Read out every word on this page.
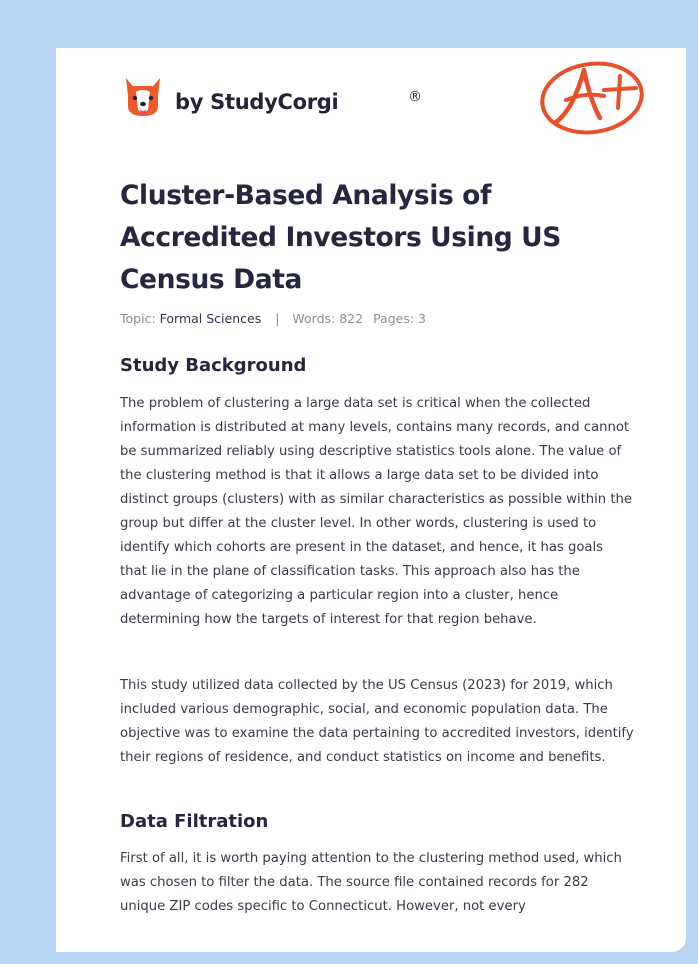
by StudyCorgi	®
Cluster-Based Analysis of Accredited Investors Using US Census Data
Topic: Formal Sciences | Words: 822 Pages: 3
Study Background

The problem of clustering a large data set is critical when the collected information is distributed at many levels, contains many records, and cannot be summarized reliably using descriptive statistics tools alone. The value of the clustering method is that it allows a large data set to be divided into distinct groups (clusters) with as similar characteristics as possible within the group but differ at the cluster level. In other words, clustering is used to identify which cohorts are present in the dataset, and hence, it has goals that lie in the plane of classification tasks. This approach also has the advantage of categorizing a particular region into a cluster, hence determining how the targets of interest for that region behave.

This study utilized data collected by the US Census (2023) for 2019, which included various demographic, social, and economic population data. The objective was to examine the data pertaining to accredited investors, identify their regions of residence, and conduct statistics on income and benefits.

Data Filtration

First of all, it is worth paying attention to the clustering method used, which was chosen to filter the data. The source file contained records for 282 unique ZIP codes specific to Connecticut. However, not every
